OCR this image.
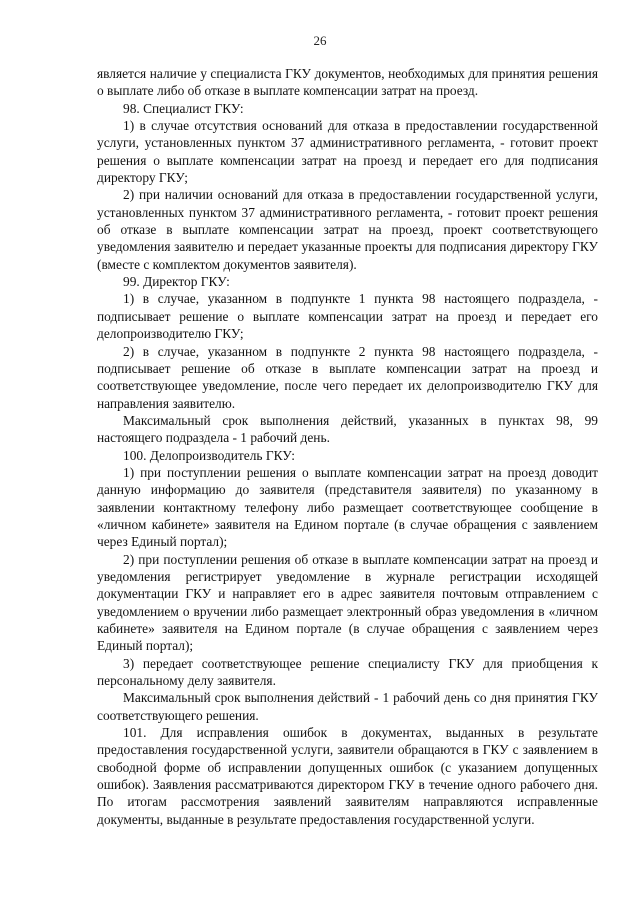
26

является наличие у специалиста ГКУ документов, необходимых для принятия решения о выплате либо об отказе в выплате компенсации затрат на проезд.

98. Специалист ГКУ:

1) в случае отсутствия оснований для отказа в предоставлении государственной услуги, установленных пунктом 37 административного регламента, - готовит проект решения о выплате компенсации затрат на проезд и передает его для подписания директору ГКУ;

2) при наличии оснований для отказа в предоставлении государственной услуги, установленных пунктом 37 административного регламента, - готовит проект решения об отказе в выплате компенсации затрат на проезд, проект соответствующего уведомления заявителю и передает указанные проекты для подписания директору ГКУ (вместе с комплектом документов заявителя).

99. Директор ГКУ:

1) в случае, указанном в подпункте 1 пункта 98 настоящего подраздела, - подписывает решение о выплате компенсации затрат на проезд и передает его делопроизводителю ГКУ;

2) в случае, указанном в подпункте 2 пункта 98 настоящего подраздела, - подписывает решение об отказе в выплате компенсации затрат на проезд и соответствующее уведомление, после чего передает их делопроизводителю ГКУ для направления заявителю.

Максимальный срок выполнения действий, указанных в пунктах 98, 99 настоящего подраздела - 1 рабочий день.

100. Делопроизводитель ГКУ:

1) при поступлении решения о выплате компенсации затрат на проезд доводит данную информацию до заявителя (представителя заявителя) по указанному в заявлении контактному телефону либо размещает соответствующее сообщение в «личном кабинете» заявителя на Едином портале (в случае обращения с заявлением через Единый портал);

2) при поступлении решения об отказе в выплате компенсации затрат на проезд и уведомления регистрирует уведомление в журнале регистрации исходящей документации ГКУ и направляет его в адрес заявителя почтовым отправлением с уведомлением о вручении либо размещает электронный образ уведомления в «личном кабинете» заявителя на Едином портале (в случае обращения с заявлением через Единый портал);

3) передает соответствующее решение специалисту ГКУ для приобщения к персональному делу заявителя.

Максимальный срок выполнения действий - 1 рабочий день со дня принятия ГКУ соответствующего решения.

101. Для исправления ошибок в документах, выданных в результате предоставления государственной услуги, заявители обращаются в ГКУ с заявлением в свободной форме об исправлении допущенных ошибок (с указанием допущенных ошибок). Заявления рассматриваются директором ГКУ в течение одного рабочего дня. По итогам рассмотрения заявлений заявителям направляются исправленные документы, выданные в результате предоставления государственной услуги.
